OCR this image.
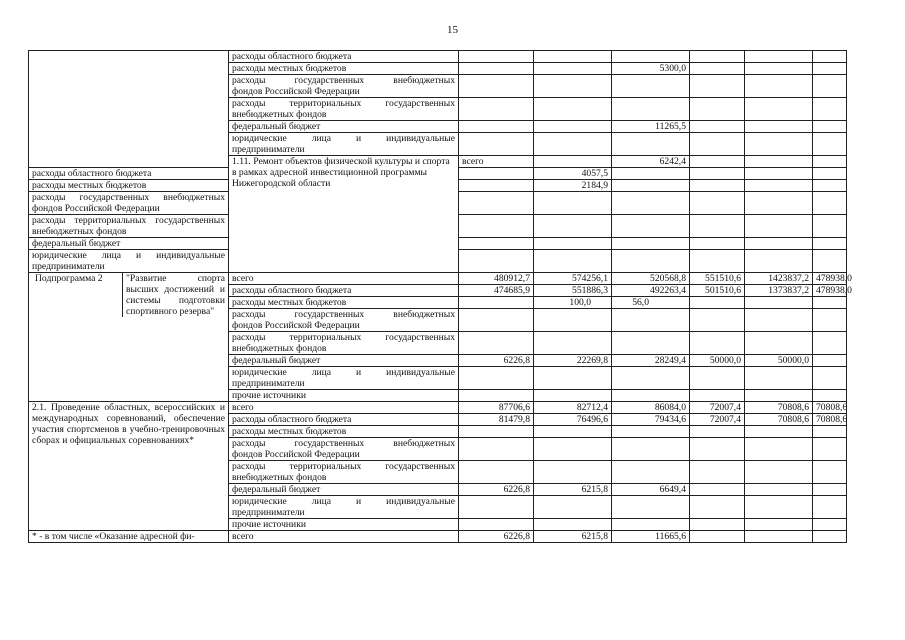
15
	расходы областного бюджета							
	расходы местных бюджетов			5300,0				

	расходы государственных внебюджетных
фондов Российской Федерации							

	расходы территориальных государственных
внебюджетных фондов							
	федеральный бюджет			11265,5				

	юридические лица и индивидуальные
предприниматели							
	1.11. Ремонт объектов физической культуры и спорта в рамках адресной инвестиционной программы Нижегородской области	всего		6242,4				
расходы областного бюджета			4057,5					
расходы местных бюджетов			2184,9					

расходы государственных внебюджетных
фондов Российской Федерации								

расходы территориальных государственных
внебюджетных фондов								
федеральный бюджет								

юридические лица и индивидуальные
предприниматели								

Подпрограмма 2 "Развитие спорта высших достижений и системы подготовки спортивного резерва"	всего	480912,7	574256,1	520568,8	551510,6	1423837,2	478938,0	
	расходы областного бюджета	474685,9	551886,3	492263,4	501510,6	1373837,2	478938,0	
	расходы местных бюджетов		100,0	56,0				

	расходы государственных внебюджетных
фондов Российской Федерации							

	расходы территориальных государственных
внебюджетных фондов							
	федеральный бюджет	6226,8	22269,8	28249,4	50000,0	50000,0		

	юридические лица и индивидуальные
предприниматели							
	прочие источники							
2.1. Проведение областных, всероссийских и международных соревнований, обеспечение участия спортсменов в учебно-тренировочных сборах и официальных соревнованиях*	всего	87706,6	82712,4	86084,0	72007,4	70808,6	70808,6	
	расходы областного бюджета	81479,8	76496,6	79434,6	72007,4	70808,6	70808,6	
	расходы местных бюджетов							

	расходы государственных внебюджетных
фондов Российской Федерации							

	расходы территориальных государственных
внебюджетных фондов							
	федеральный бюджет	6226,8	6215,8	6649,4				

	юридические лица и индивидуальные
предприниматели							
	прочие источники							
* - в том числе «Оказание адресной фи-	всего	6226,8	6215,8	11665,6				
